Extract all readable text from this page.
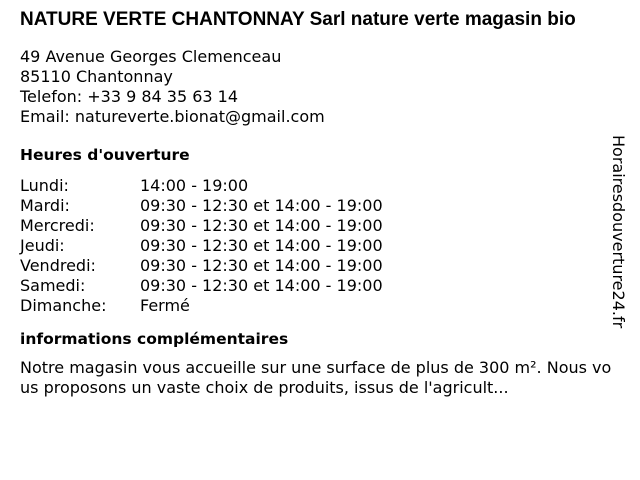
NATURE VERTE CHANTONNAY Sarl nature verte magasin bio
49 Avenue Georges Clemenceau
85110 Chantonnay
Telefon: +33 9 84 35 63 14
Email: natureverte.bionat@gmail.com
Heures d'ouverture
Lundi:	14:00 - 19:00
Mardi:	09:30 - 12:30 et 14:00 - 19:00
Mercredi:	09:30 - 12:30 et 14:00 - 19:00
Jeudi:	09:30 - 12:30 et 14:00 - 19:00
Vendredi:	09:30 - 12:30 et 14:00 - 19:00
Samedi:	09:30 - 12:30 et 14:00 - 19:00
Dimanche:	Fermé
informations complémentaires
Notre magasin vous accueille sur une surface de plus de 300 m². Nous vous proposons un vaste choix de produits, issus de l'agricult...
Horairesdouverture24.fr
